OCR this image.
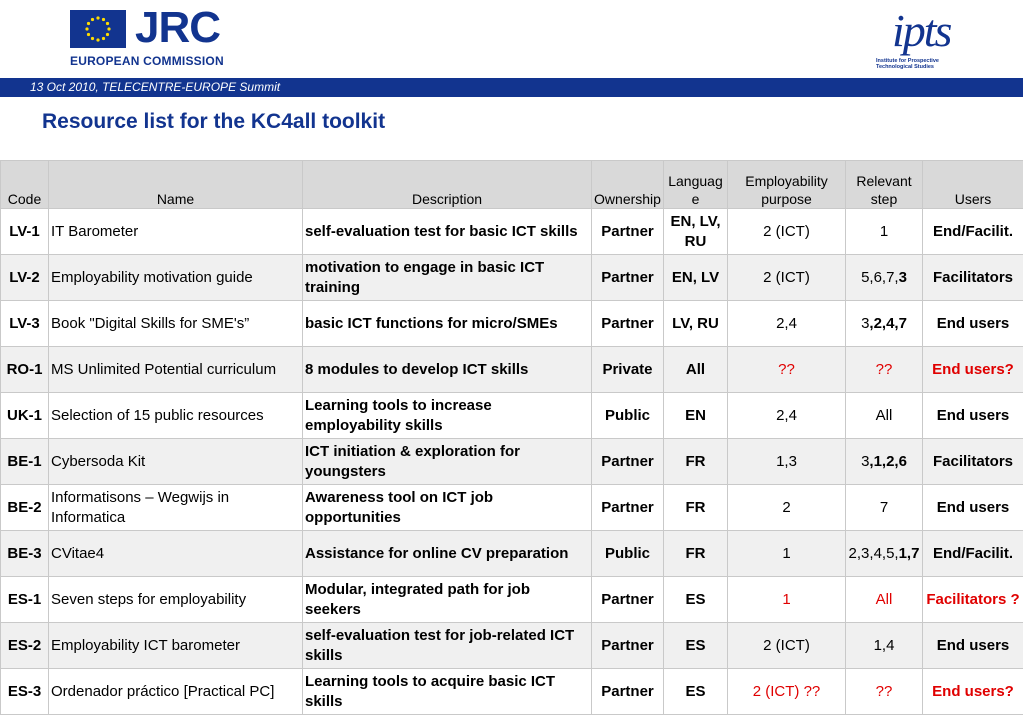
JRC
EUROPEAN COMMISSION
ipts
Institute for Prospective Technological Studies
13 Oct 2010, TELECENTRE-EUROPE Summit
Resource list for the KC4all toolkit
Code	Name	Description	Ownership	Language	Employability purpose	Relevant step	Users
LV-1	IT Barometer	self-evaluation test for basic ICT skills	Partner	EN, LV, RU	2 (ICT)	1	End/Facilit.
LV-2	Employability motivation guide	motivation to engage in basic ICT training	Partner	EN, LV	2 (ICT)	5,6,7,3	Facilitators
LV-3	Book "Digital Skills for SME's”	basic ICT functions for micro/SMEs	Partner	LV, RU	2,4	3,2,4,7	End users
RO-1	MS Unlimited Potential curriculum	8 modules to develop ICT skills	Private	All	??	??	End users?
UK-1	Selection of 15 public resources	Learning tools to increase employability skills	Public	EN	2,4	All	End users
BE-1	Cybersoda Kit	ICT initiation & exploration for youngsters	Partner	FR	1,3	3,1,2,6	Facilitators
BE-2	Informatisons – Wegwijs in Informatica	Awareness tool on ICT job opportunities	Partner	FR	2	7	End users
BE-3	CVitae4	Assistance for online CV preparation	Public	FR	1	2,3,4,5,1,7	End/Facilit.
ES-1	Seven steps for employability	Modular, integrated path for job seekers	Partner	ES	1	All	Facilitators ?
ES-2	Employability ICT barometer	self-evaluation test for job-related ICT skills	Partner	ES	2 (ICT)	1,4	End users
ES-3	Ordenador práctico [Practical PC]	Learning tools to acquire basic ICT skills	Partner	ES	2 (ICT) ??	??	End users?
